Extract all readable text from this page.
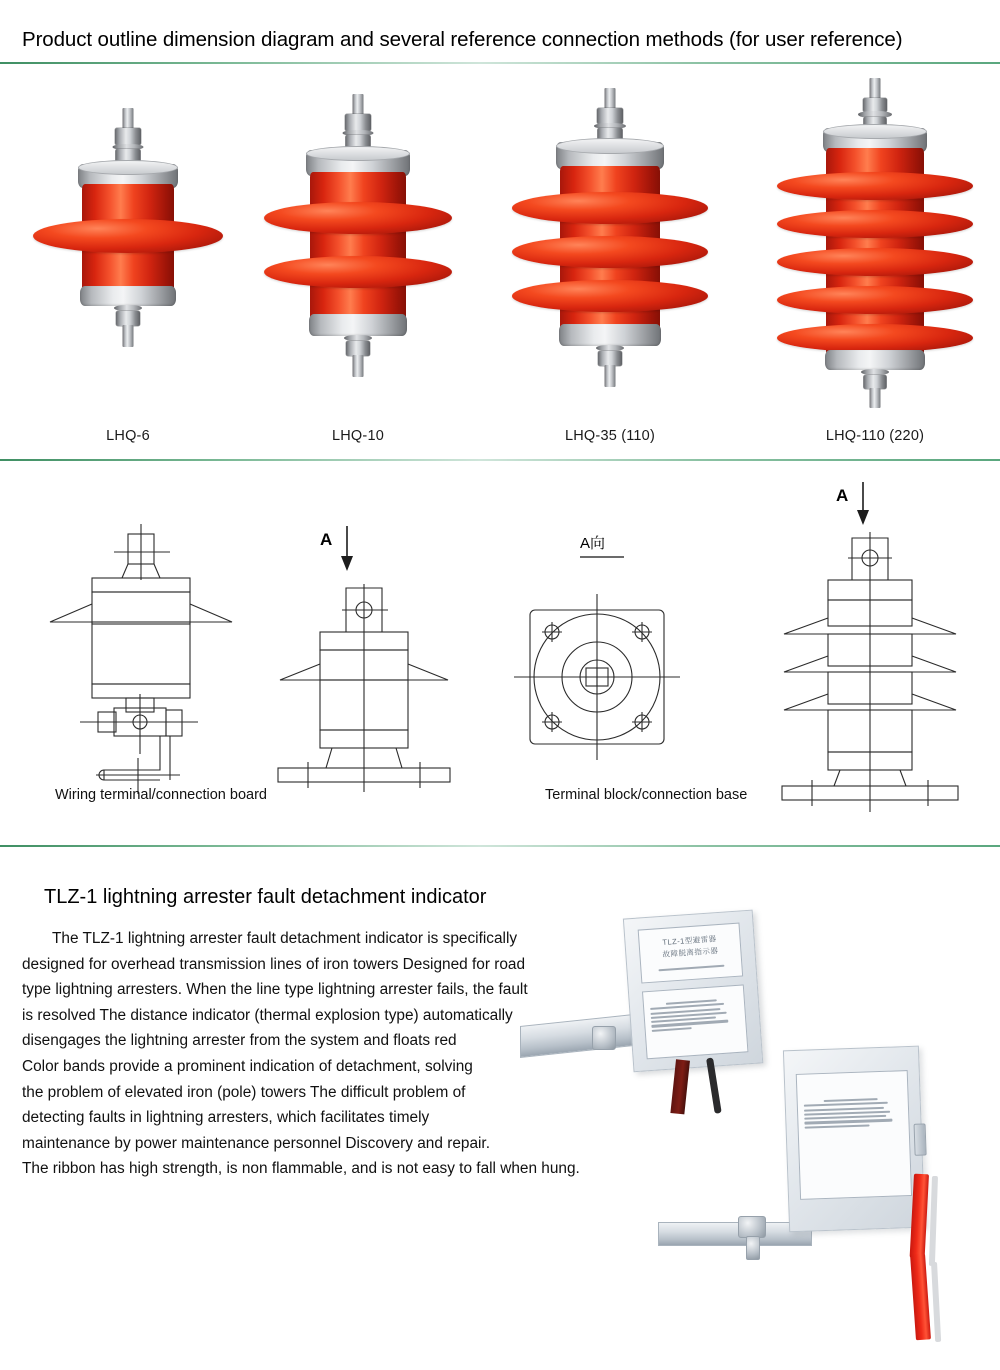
Product outline dimension diagram and several reference connection methods (for user reference)
LHQ-6	LHQ-10	LHQ-35 (110)	LHQ-110 (220)
Wiring terminal/connection board
A	A向
Terminal block/connection base
A
TLZ-1 lightning arrester fault detachment indicator

The TLZ-1 lightning arrester fault detachment indicator is specifically

designed for overhead transmission lines of iron towers Designed for road

type lightning arresters. When the line type lightning arrester fails, the fault

is resolved The distance indicator (thermal explosion type) automatically

disengages the lightning arrester from the system and floats red

Color bands provide a prominent indication of detachment, solving

the problem of elevated iron (pole) towers The difficult problem of

detecting faults in lightning arresters, which facilitates timely

maintenance by power maintenance personnel Discovery and repair.

The ribbon has high strength, is non flammable, and is not easy to fall when hung.

TLZ-1型避雷器
故障脱离指示器
